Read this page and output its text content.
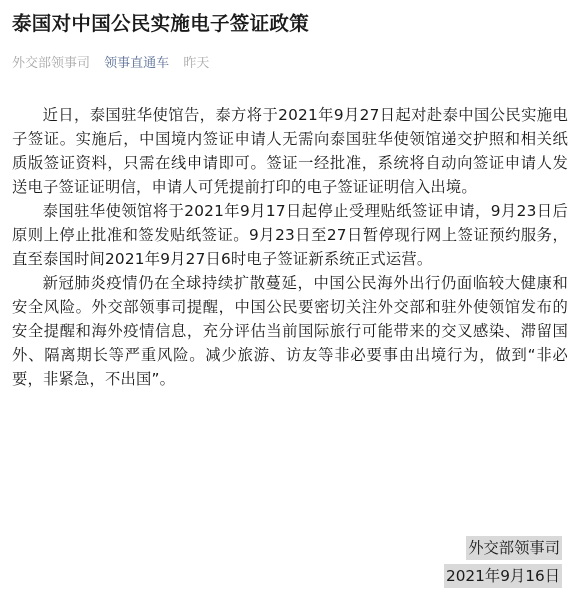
泰国对中国公民实施电子签证政策
外交部领事司 领事直通车 昨天

近日，泰国驻华使馆告，泰方将于2021年9月27日起对赴泰中国公民实施电子签证。实施后，中国境内签证申请人无需向泰国驻华使领馆递交护照和相关纸质版签证资料，只需在线申请即可。签证一经批准，系统将自动向签证申请人发送电子签证证明信，申请人可凭提前打印的电子签证证明信入出境。

泰国驻华使领馆将于2021年9月17日起停止受理贴纸签证申请，9月23日后原则上停止批准和签发贴纸签证。9月23日至27日暂停现行网上签证预约服务，直至泰国时间2021年9月27日6时电子签证新系统正式运营。

新冠肺炎疫情仍在全球持续扩散蔓延，中国公民海外出行仍面临较大健康和安全风险。外交部领事司提醒，中国公民要密切关注外交部和驻外使领馆发布的安全提醒和海外疫情信息，充分评估当前国际旅行可能带来的交叉感染、滞留国外、隔离期长等严重风险。减少旅游、访友等非必要事由出境行为，做到“非必要，非紧急，不出国”。

外交部领事司
2021年9月16日
